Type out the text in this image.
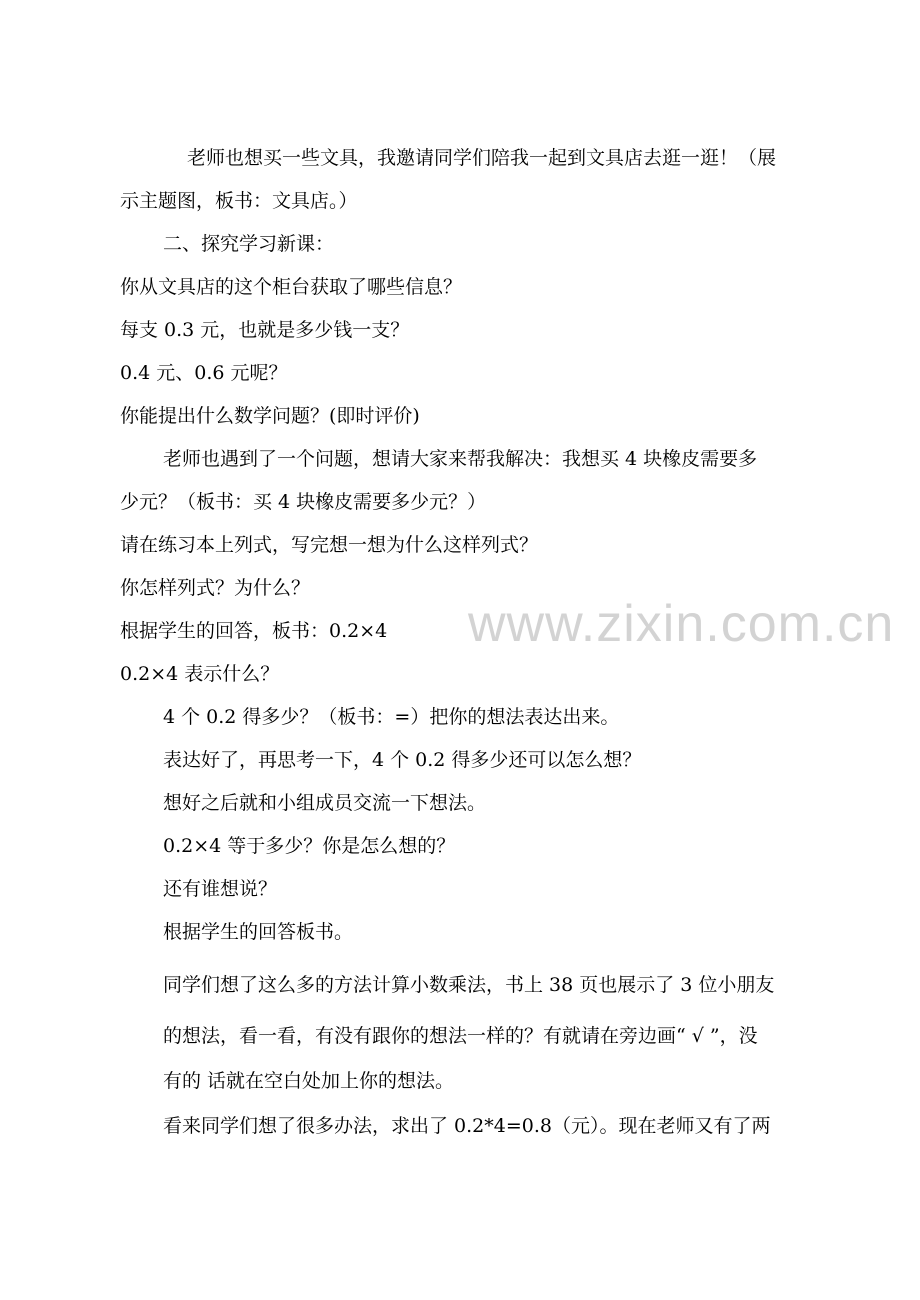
老师也想买一些文具，我邀请同学们陪我一起到文具店去逛一逛！（展

示主题图，板书：文具店。）

二、探究学习新课：

你从文具店的这个柜台获取了哪些信息？

每支 0.3 元，也就是多少钱一支？

0.4 元、0.6 元呢？

你能提出什么数学问题？(即时评价)

老师也遇到了一个问题，想请大家来帮我解决：我想买 4 块橡皮需要多

少元？（板书：买 4 块橡皮需要多少元？）

请在练习本上列式，写完想一想为什么这样列式？

你怎样列式？为什么？

根据学生的回答，板书：0.2×4

0.2×4 表示什么？

4 个 0.2 得多少？（板书：=）把你的想法表达出来。

表达好了，再思考一下，4 个 0.2 得多少还可以怎么想？

想好之后就和小组成员交流一下想法。

0.2×4 等于多少？你是怎么想的？

还有谁想说？

根据学生的回答板书。

同学们想了这么多的方法计算小数乘法，书上 38 页也展示了 3 位小朋友

的想法，看一看，有没有跟你的想法一样的？有就请在旁边画“ √ ”，没

有的 话就在空白处加上你的想法。

看来同学们想了很多办法，求出了 0.2*4=0.8（元）。现在老师又有了两

www.zixin.com.cn
